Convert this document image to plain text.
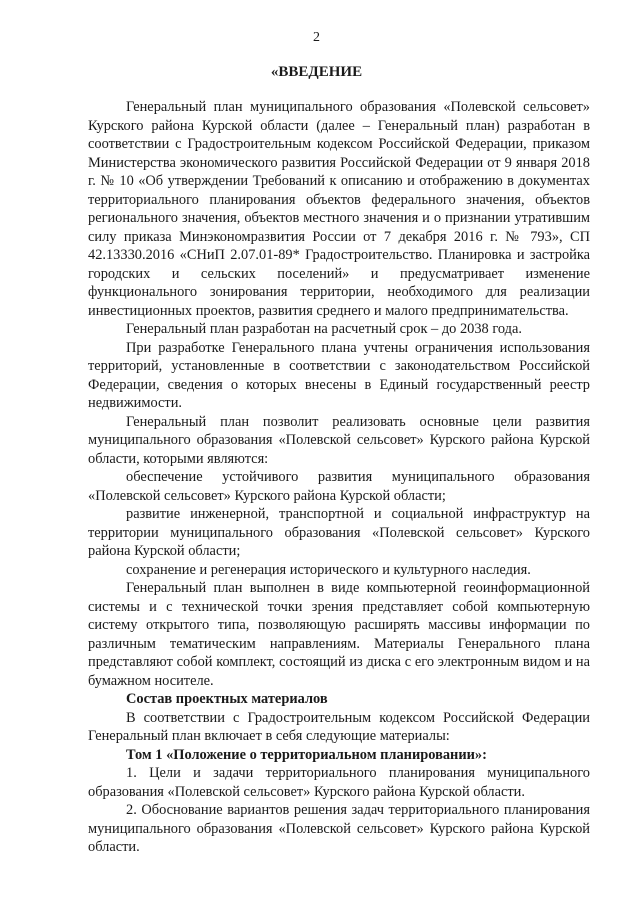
2
«ВВЕДЕНИЕ

Генеральный план муниципального образования «Полевской сельсовет» Курского района Курской области (далее – Генеральный план) разработан в соответствии с Градостроительным кодексом Российской Федерации, приказом Министерства экономического развития Российской Федерации от 9 января 2018 г. № 10 «Об утверждении Требований к описанию и отображению в документах территориального планирования объектов федерального значения, объектов регионального значения, объектов местного значения и о признании утратившим силу приказа Минэкономразвития России от 7 декабря 2016 г. № 793», СП 42.13330.2016 «СНиП 2.07.01-89* Градостроительство. Планировка и застройка городских и сельских поселений» и предусматривает изменение функционального зонирования территории, необходимого для реализации инвестиционных проектов, развития среднего и малого предпринимательства.

Генеральный план разработан на расчетный срок – до 2038 года.

При разработке Генерального плана учтены ограничения использования территорий, установленные в соответствии с законодательством Российской Федерации, сведения о которых внесены в Единый государственный реестр недвижимости.

Генеральный план позволит реализовать основные цели развития муниципального образования «Полевской сельсовет» Курского района Курской области, которыми являются:

обеспечение устойчивого развития муниципального образования «Полевской сельсовет» Курского района Курской области;

развитие инженерной, транспортной и социальной инфраструктур на территории муниципального образования «Полевской сельсовет» Курского района Курской области;

сохранение и регенерация исторического и культурного наследия.

Генеральный план выполнен в виде компьютерной геоинформационной системы и с технической точки зрения представляет собой компьютерную систему открытого типа, позволяющую расширять массивы информации по различным тематическим направлениям. Материалы Генерального плана представляют собой комплект, состоящий из диска с его электронным видом и на бумажном носителе.

Состав проектных материалов

В соответствии с Градостроительным кодексом Российской Федерации Генеральный план включает в себя следующие материалы:

Том 1 «Положение о территориальном планировании»:

1. Цели и задачи территориального планирования муниципального образования «Полевской сельсовет» Курского района Курской области.

2. Обоснование вариантов решения задач территориального планирования муниципального образования «Полевской сельсовет» Курского района Курской области.
